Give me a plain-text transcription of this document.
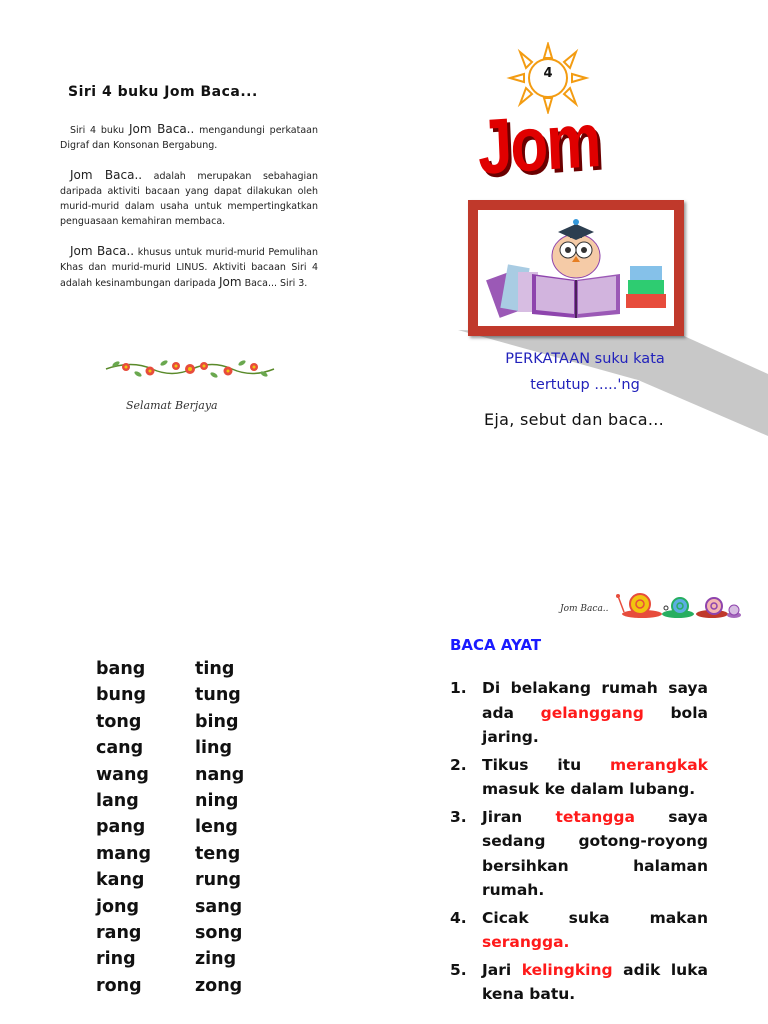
Siri 4 buku Jom Baca...
Siri 4 buku Jom Baca.. mengandungi perkataan Digraf dan Konsonan Bergabung.
Jom Baca.. adalah merupakan sebahagian daripada aktiviti bacaan yang dapat dilakukan oleh murid-murid dalam usaha untuk mempertingkatkan penguasaan kemahiran membaca.
Jom Baca.. khusus untuk murid-murid Pemulihan Khas dan murid-murid LINUS. Aktiviti bacaan Siri 4 adalah kesinambungan daripada Jom Baca... Siri 3.
Selamat Berjaya
4
Jom
PERKATAAN suku kata
tertutup .....'ng
Eja, sebut dan baca...
bang
bung
tong
cang
wang
lang
pang
mang
kang
jong
rang
ring
rong
ting
tung
bing
ling
nang
ning
leng
teng
rung
sang
song
zing
zong
Jom Baca..
BACA AYAT
1. Di belakang rumah saya ada gelanggang bola jaring.
2. Tikus itu merangkak masuk ke dalam lubang.
3. Jiran tetangga saya sedang gotong-royong bersihkan halaman rumah.
4. Cicak suka makan serangga.
5. Jari kelingking adik luka kena batu.
